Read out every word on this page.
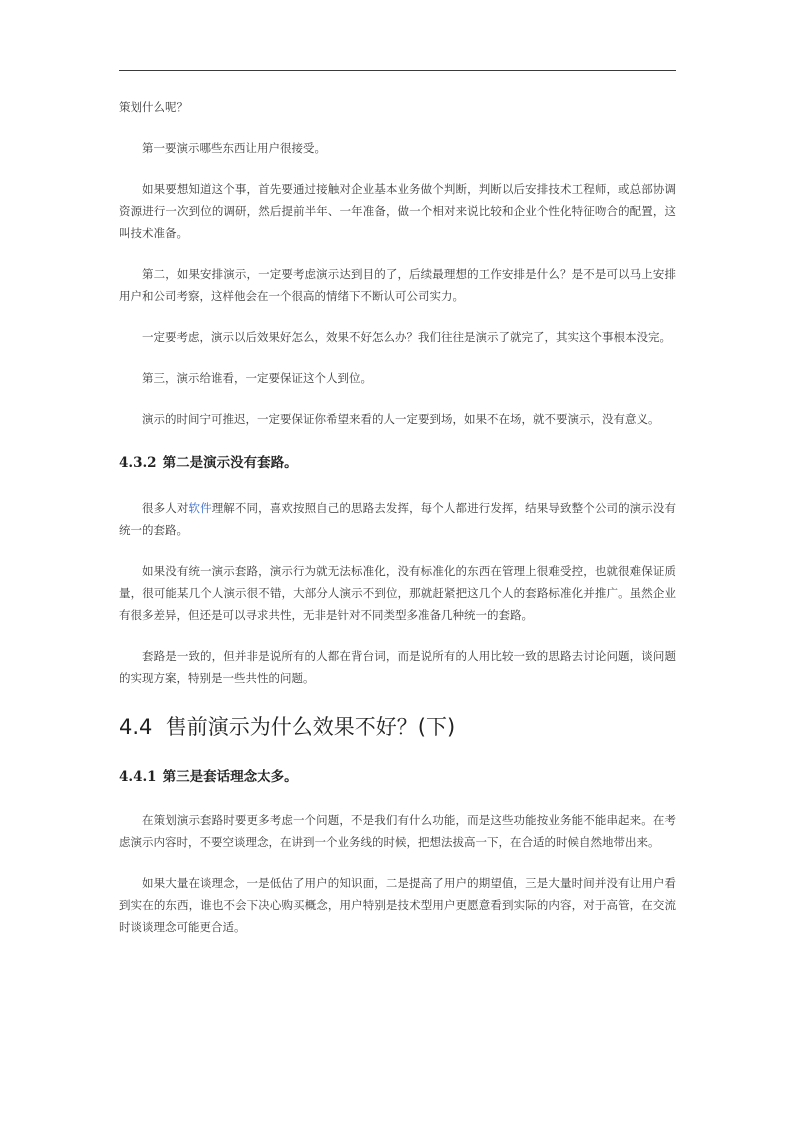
策划什么呢？

第一要演示哪些东西让用户很接受。

如果要想知道这个事，首先要通过接触对企业基本业务做个判断，判断以后安排技术工程师，或总部协调资源进行一次到位的调研，然后提前半年、一年准备，做一个相对来说比较和企业个性化特征吻合的配置，这叫技术准备。

第二，如果安排演示，一定要考虑演示达到目的了，后续最理想的工作安排是什么？是不是可以马上安排用户和公司考察，这样他会在一个很高的情绪下不断认可公司实力。

一定要考虑，演示以后效果好怎么，效果不好怎么办？我们往往是演示了就完了，其实这个事根本没完。

第三，演示给谁看，一定要保证这个人到位。

演示的时间宁可推迟，一定要保证你希望来看的人一定要到场，如果不在场，就不要演示，没有意义。

4.3.2 第二是演示没有套路。

很多人对软件理解不同，喜欢按照自己的思路去发挥，每个人都进行发挥，结果导致整个公司的演示没有统一的套路。

如果没有统一演示套路，演示行为就无法标准化，没有标准化的东西在管理上很难受控，也就很难保证质量，很可能某几个人演示很不错，大部分人演示不到位，那就赶紧把这几个人的套路标准化并推广。虽然企业有很多差异，但还是可以寻求共性，无非是针对不同类型多准备几种统一的套路。

套路是一致的，但并非是说所有的人都在背台词，而是说所有的人用比较一致的思路去讨论问题，谈问题的实现方案，特别是一些共性的问题。

4.4 售前演示为什么效果不好？(下)
4.4.1 第三是套话理念太多。

在策划演示套路时要更多考虑一个问题，不是我们有什么功能，而是这些功能按业务能不能串起来。在考虑演示内容时，不要空谈理念，在讲到一个业务线的时候，把想法拔高一下，在合适的时候自然地带出来。

如果大量在谈理念，一是低估了用户的知识面，二是提高了用户的期望值，三是大量时间并没有让用户看到实在的东西，谁也不会下决心购买概念，用户特别是技术型用户更愿意看到实际的内容，对于高管，在交流时谈谈理念可能更合适。
